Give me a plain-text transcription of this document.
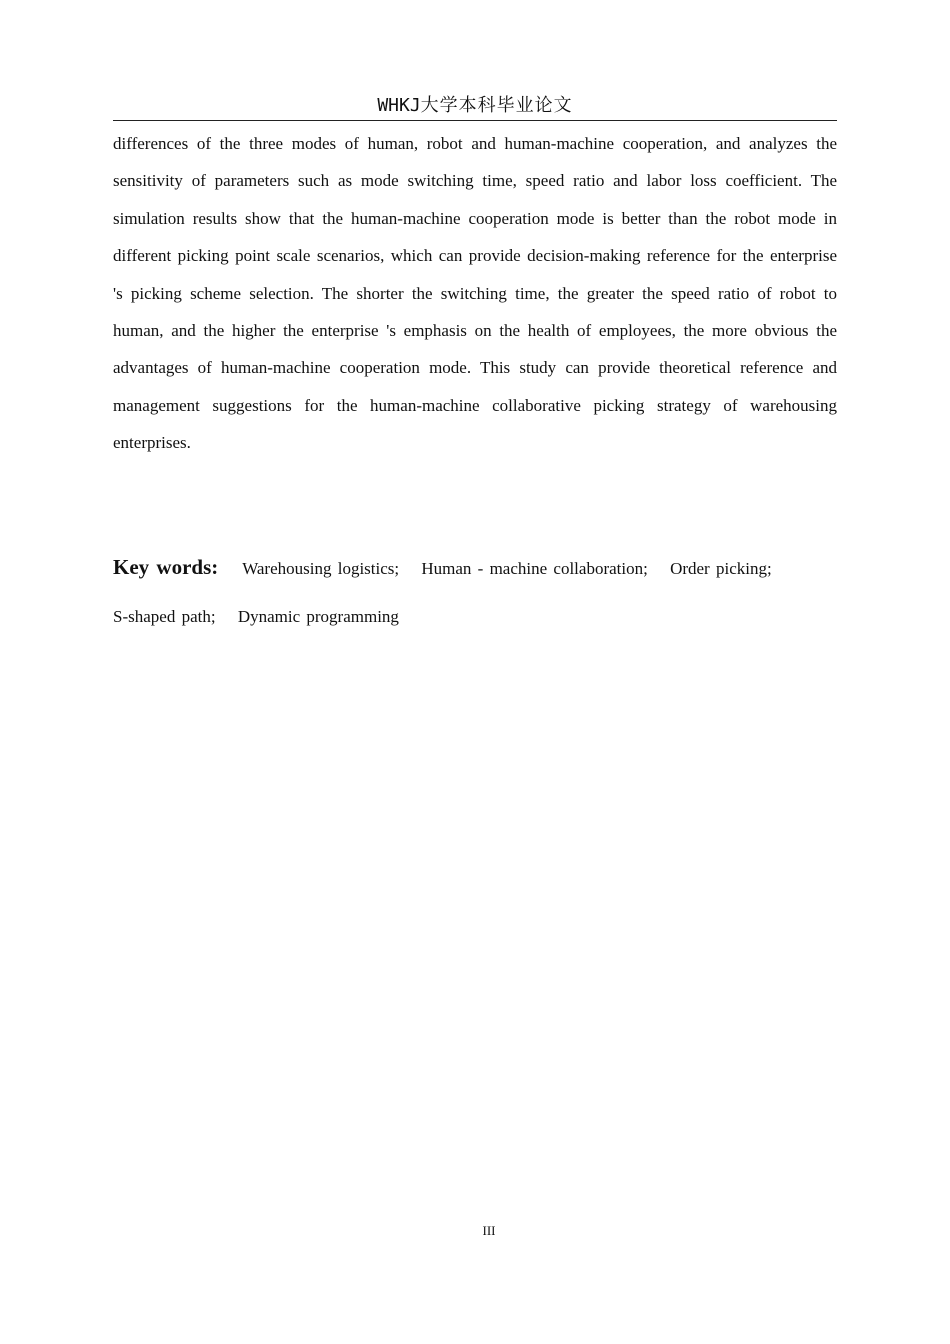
WHKJ大学本科毕业论文

differences of the three modes of human, robot and human-machine cooperation, and analyzes the sensitivity of parameters such as mode switching time, speed ratio and labor loss coefficient. The simulation results show that the human-machine cooperation mode is better than the robot mode in different picking point scale scenarios, which can provide decision-making reference for the enterprise 's picking scheme selection. The shorter the switching time, the greater the speed ratio of robot to human, and the higher the enterprise 's emphasis on the health of employees, the more obvious the advantages of human-machine cooperation mode. This study can provide theoretical reference and management suggestions for the human-machine collaborative picking strategy of warehousing enterprises.

Key words: Warehousing logistics; Human - machine collaboration; Order picking; S-shaped path; Dynamic programming

III
